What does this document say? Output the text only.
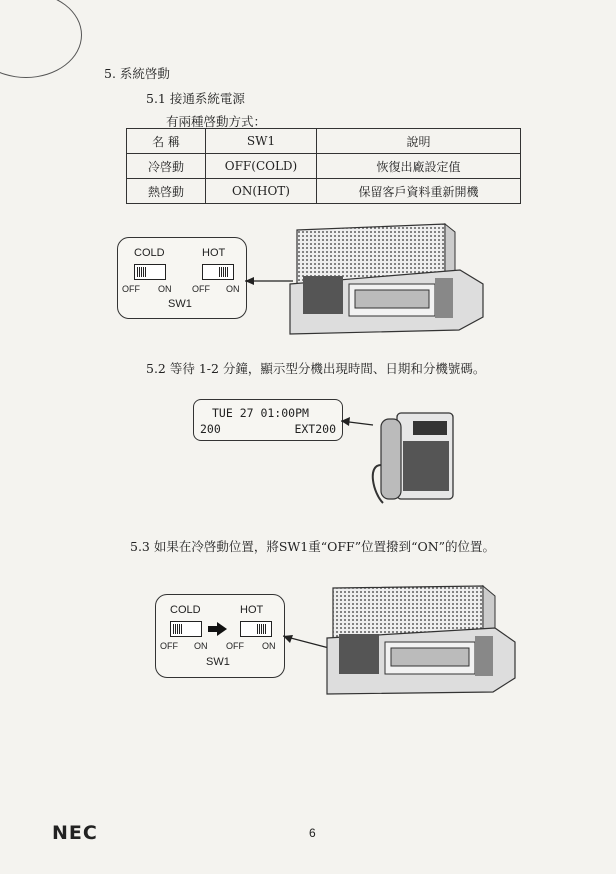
5. 系統啓動
5.1 接通系統電源
有兩種啓動方式：
名 稱	SW1	說明
冷啓動	OFF(COLD)	恢復出廠設定值
熱啓動	ON(HOT)	保留客戶資料重新開機
COLD	HOT
OFF ON OFF ON
SW1
5.2 等待 1-2 分鐘，顯示型分機出現時間、日期和分機號碼。
TUE 27 01:00PM
200	EXT200
5.3 如果在冷啓動位置，將SW1重“OFF”位置撥到“ON”的位置。
COLD	HOT
OFF ON OFF ON
SW1
NEC	6
